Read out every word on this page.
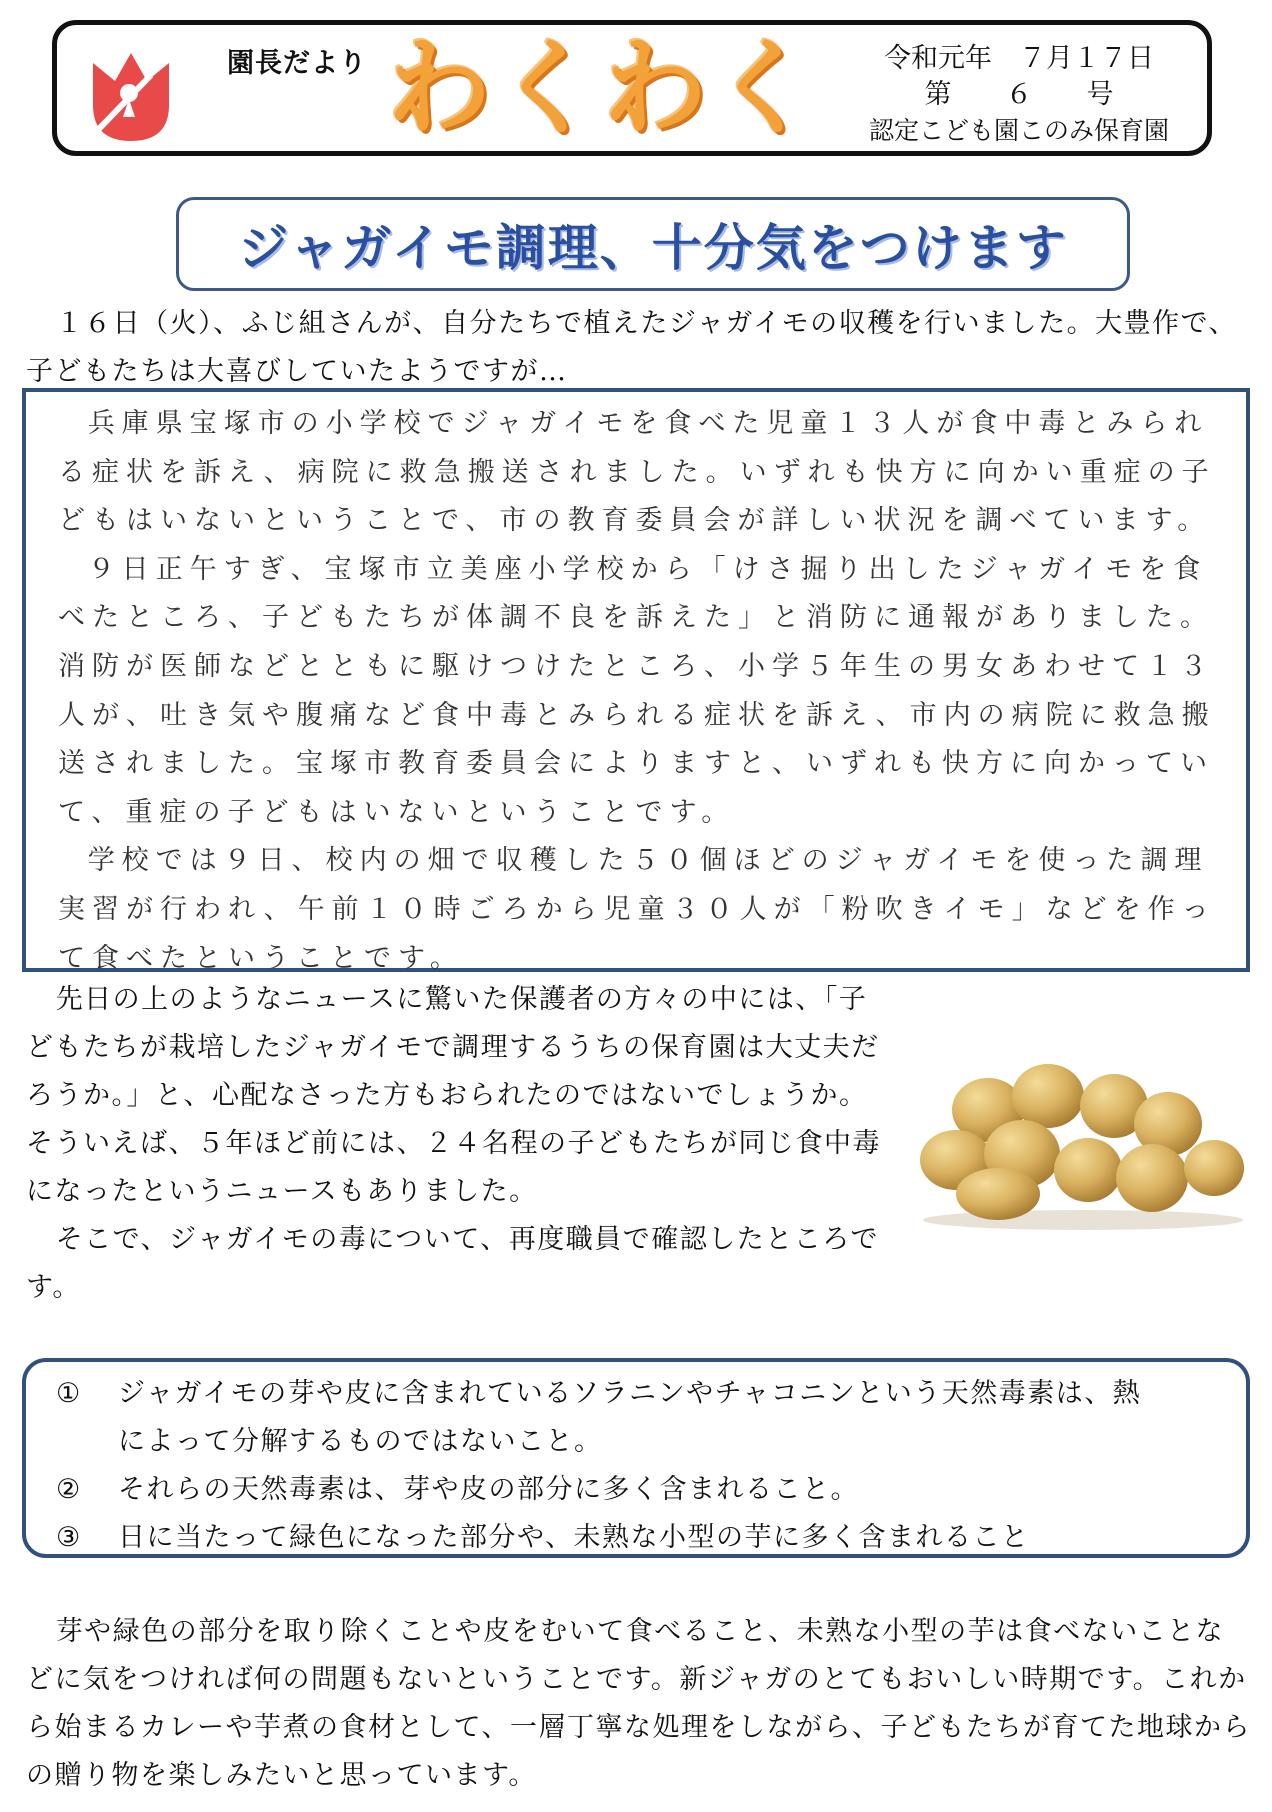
園長だより わくわく	令和元年　７月１７日
第　　６　　号
認定こども園このみ保育園
ジャガイモ調理、十分気をつけます

１６日（火）、ふじ組さんが、自分たちで植えたジャガイモの収穫を行いました。大豊作で、子どもたちは大喜びしていたようですが…

兵庫県宝塚市の小学校でジャガイモを食べた児童１３人が食中毒とみられる症状を訴え、病院に救急搬送されました。いずれも快方に向かい重症の子どもはいないということで、市の教育委員会が詳しい状況を調べています。

９日正午すぎ、宝塚市立美座小学校から「けさ掘り出したジャガイモを食べたところ、子どもたちが体調不良を訴えた」と消防に通報がありました。消防が医師などとともに駆けつけたところ、小学５年生の男女あわせて１３人が、吐き気や腹痛など食中毒とみられる症状を訴え、市内の病院に救急搬送されました。宝塚市教育委員会によりますと、いずれも快方に向かっていて、重症の子どもはいないということです。

学校では９日、校内の畑で収穫した５０個ほどのジャガイモを使った調理実習が行われ、午前１０時ごろから児童３０人が「粉吹きイモ」などを作って食べたということです。

先日の上のようなニュースに驚いた保護者の方々の中には、「子どもたちが栽培したジャガイモで調理するうちの保育園は大丈夫だろうか。」と、心配なさった方もおられたのではないでしょうか。そういえば、５年ほど前には、２４名程の子どもたちが同じ食中毒になったというニュースもありました。

そこで、ジャガイモの毒について、再度職員で確認したところです。

①	ジャガイモの芽や皮に含まれているソラニンやチャコニンという天然毒素は、熱
によって分解するものではないこと。
②	それらの天然毒素は、芽や皮の部分に多く含まれること。
③	日に当たって緑色になった部分や、未熟な小型の芋に多く含まれること

芽や緑色の部分を取り除くことや皮をむいて食べること、未熟な小型の芋は食べないことなどに気をつければ何の問題もないということです。新ジャガのとてもおいしい時期です。これから始まるカレーや芋煮の食材として、一層丁寧な処理をしながら、子どもたちが育てた地球からの贈り物を楽しみたいと思っています。
